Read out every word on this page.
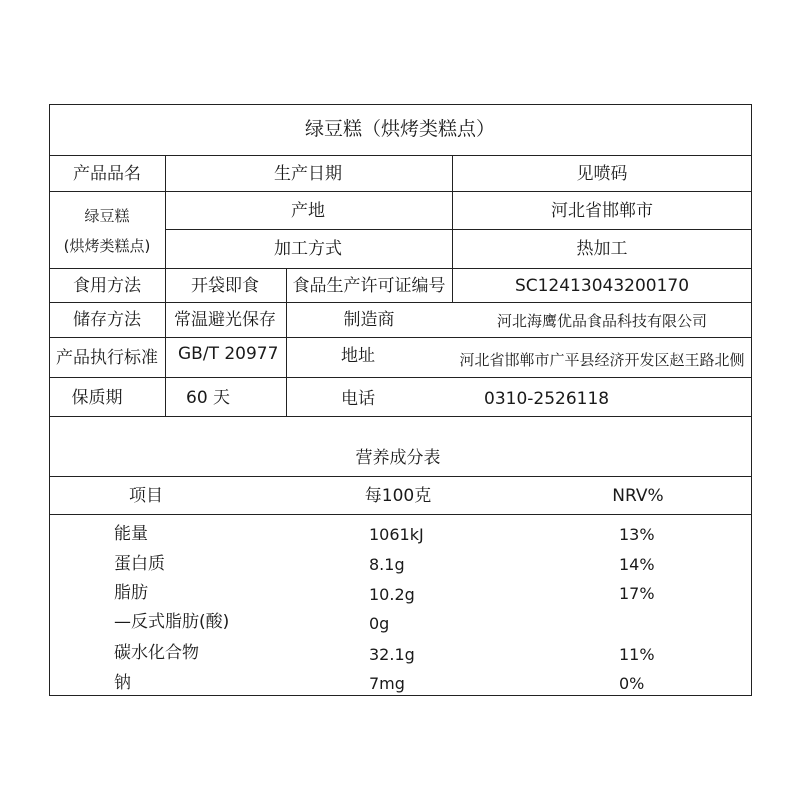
绿豆糕（烘烤类糕点）
产品品名	生产日期	见喷码
绿豆糕
(烘烤类糕点)
产地	河北省邯郸市
加工方式	热加工
食用方法	开袋即食 食品生产许可证编号	SC12413043200170
储存方法 常温避光保存	制造商	河北海鹰优品食品科技有限公司
产品执行标准 GB/T 20977	地址	河北省邯郸市广平县经济开发区赵王路北侧
保质期	60 天	电话	0310-2526118
营养成分表
项目	每100克	NRV%
能量	1061kJ	13%
蛋白质	8.1g	14%
脂肪	10.2g	17%
—反式脂肪(酸)	0g
碳水化合物	32.1g	11%
钠	7mg	0%
